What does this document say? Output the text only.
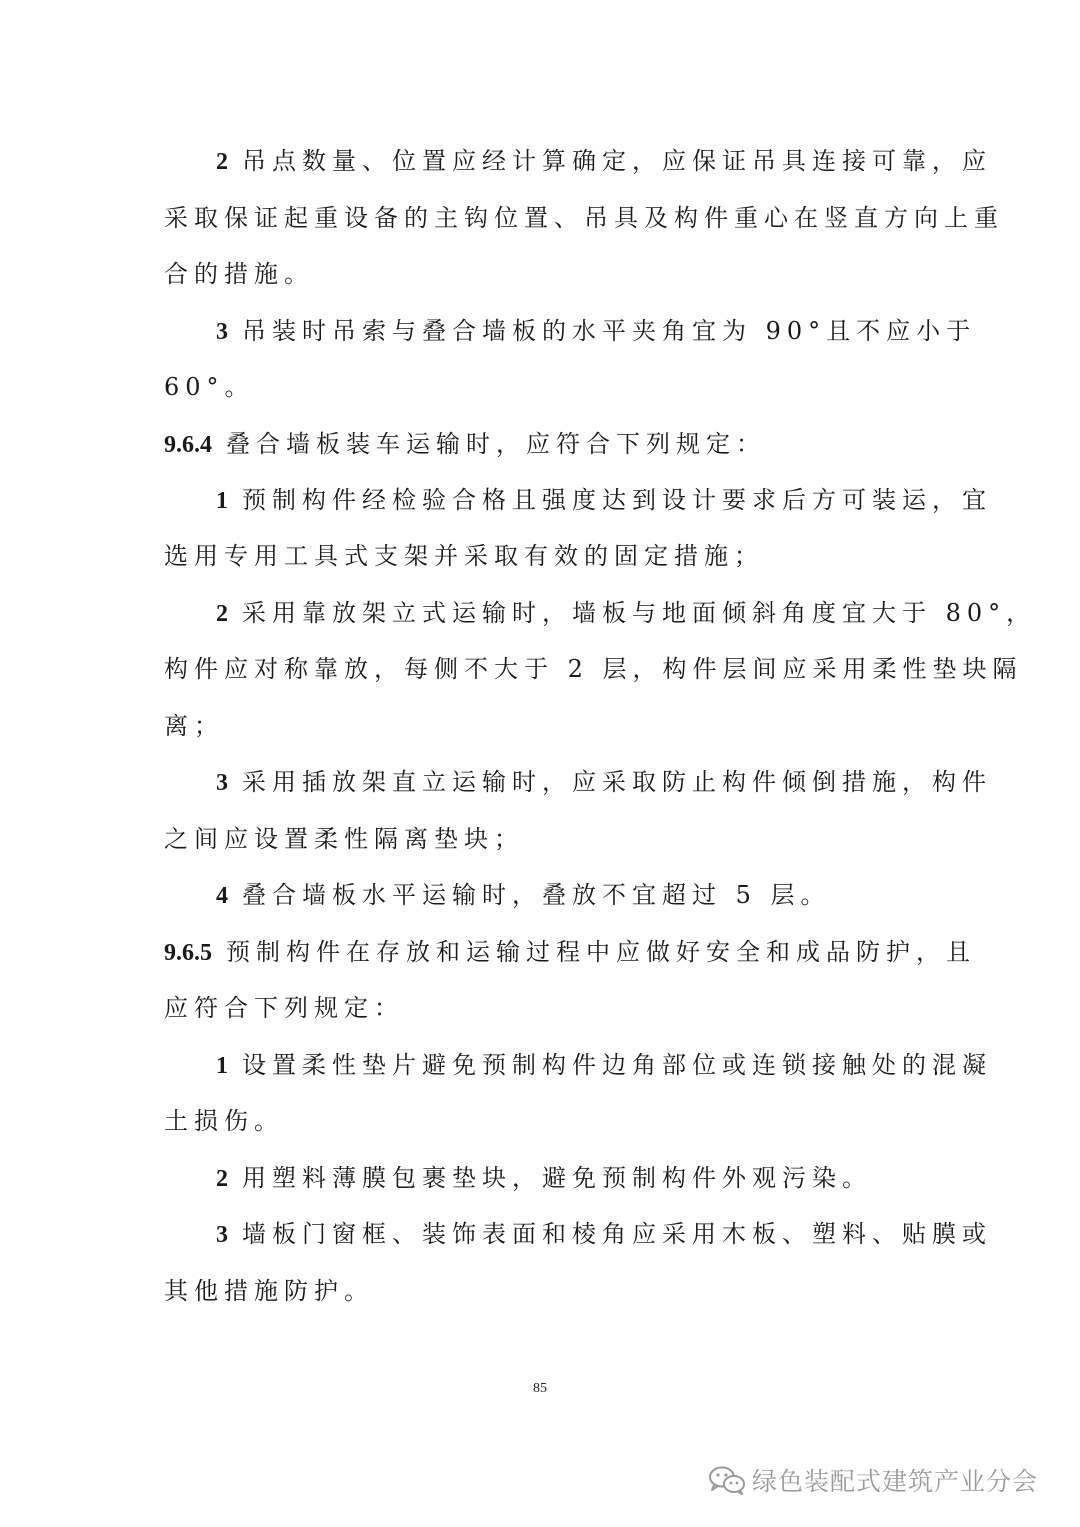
2 吊点数量、位置应经计算确定，应保证吊具连接可靠，应
采取保证起重设备的主钩位置、吊具及构件重心在竖直方向上重
合的措施。
3 吊装时吊索与叠合墙板的水平夹角宜为 90°且不应小于
60°。
9.6.4 叠合墙板装车运输时，应符合下列规定：
1 预制构件经检验合格且强度达到设计要求后方可装运，宜
选用专用工具式支架并采取有效的固定措施；
2 采用靠放架立式运输时，墙板与地面倾斜角度宜大于 80°，
构件应对称靠放，每侧不大于 2 层，构件层间应采用柔性垫块隔
离；
3 采用插放架直立运输时，应采取防止构件倾倒措施，构件
之间应设置柔性隔离垫块；
4 叠合墙板水平运输时，叠放不宜超过 5 层。
9.6.5 预制构件在存放和运输过程中应做好安全和成品防护，且
应符合下列规定：
1 设置柔性垫片避免预制构件边角部位或连锁接触处的混凝
土损伤。
2 用塑料薄膜包裹垫块，避免预制构件外观污染。
3 墙板门窗框、装饰表面和棱角应采用木板、塑料、贴膜或
其他措施防护。
85
绿色装配式建筑产业分会
